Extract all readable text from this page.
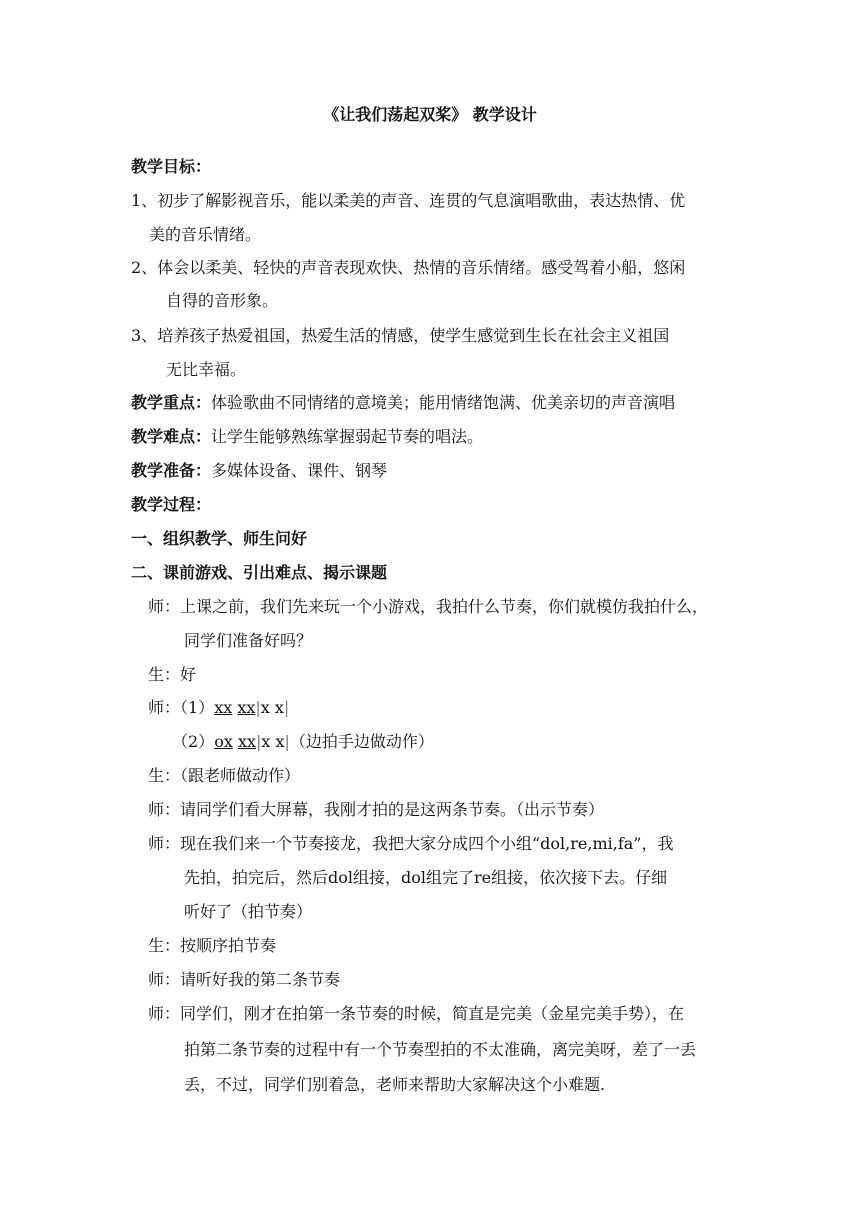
《让我们荡起双桨》 教学设计
教学目标：
1、初步了解影视音乐，能以柔美的声音、连贯的气息演唱歌曲，表达热情、优
美的音乐情绪。
2、体会以柔美、轻快的声音表现欢快、热情的音乐情绪。感受驾着小船，悠闲
自得的音形象。
3、培养孩子热爱祖国，热爱生活的情感，使学生感觉到生长在社会主义祖国
无比幸福。
教学重点：体验歌曲不同情绪的意境美；能用情绪饱满、优美亲切的声音演唱
教学难点：让学生能够熟练掌握弱起节奏的唱法。
教学准备：多媒体设备、课件、钢琴
教学过程：
一、组织教学、师生问好
二、课前游戏、引出难点、揭示课题
师：上课之前，我们先来玩一个小游戏，我拍什么节奏，你们就模仿我拍什么，
同学们准备好吗？
生：好
师：（1）xx xx|x x|
（2）ox xx|x x|（边拍手边做动作）
生：（跟老师做动作）
师：请同学们看大屏幕，我刚才拍的是这两条节奏。（出示节奏）
师：现在我们来一个节奏接龙，我把大家分成四个小组“dol,re,mi,fa”，我
先拍，拍完后，然后dol组接，dol组完了re组接，依次接下去。仔细
听好了（拍节奏）
生：按顺序拍节奏
师：请听好我的第二条节奏
师：同学们，刚才在拍第一条节奏的时候，简直是完美（金星完美手势），在
拍第二条节奏的过程中有一个节奏型拍的不太准确，离完美呀，差了一丢
丢，不过，同学们别着急，老师来帮助大家解决这个小难题.
